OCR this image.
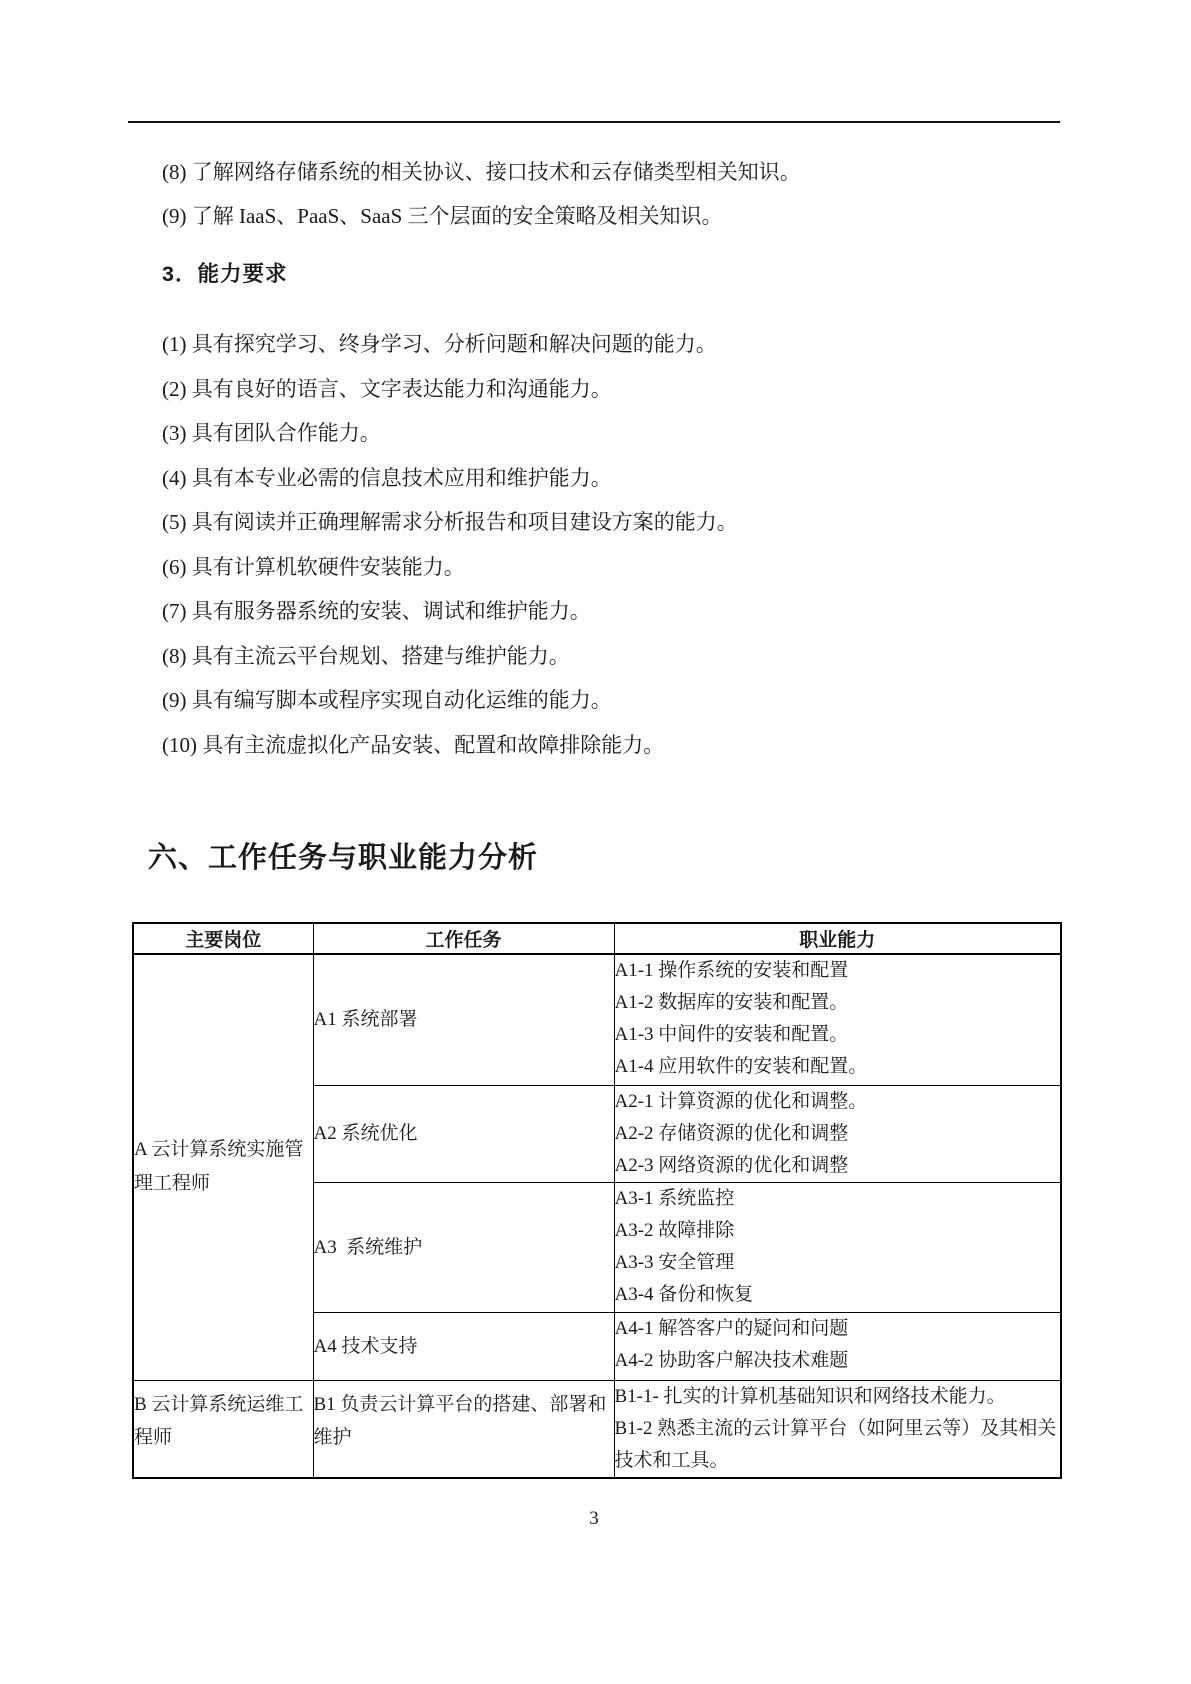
(8) 了解网络存储系统的相关协议、接口技术和云存储类型相关知识。

(9) 了解 IaaS、PaaS、SaaS 三个层面的安全策略及相关知识。

3．能力要求
(1) 具有探究学习、终身学习、分析问题和解决问题的能力。
(2) 具有良好的语言、文字表达能力和沟通能力。
(3) 具有团队合作能力。
(4) 具有本专业必需的信息技术应用和维护能力。
(5) 具有阅读并正确理解需求分析报告和项目建设方案的能力。
(6) 具有计算机软硬件安装能力。
(7) 具有服务器系统的安装、调试和维护能力。
(8) 具有主流云平台规划、搭建与维护能力。
(9) 具有编写脚本或程序实现自动化运维的能力。
(10) 具有主流虚拟化产品安装、配置和故障排除能力。
六、工作任务与职业能力分析
主要岗位	工作任务	职业能力
A 云计算系统实施管理工程师	A1 系统部署	A1-1 操作系统的安装和配置
A1-2 数据库的安装和配置。
A1-3 中间件的安装和配置。
A1-4 应用软件的安装和配置。

	A2 系统优化	A2-1 计算资源的优化和调整。
A2-2 存储资源的优化和调整
A2-3 网络资源的优化和调整

	A3  系统维护	A3-1 系统监控
A3-2 故障排除
A3-3 安全管理
A3-4 备份和恢复

	A4 技术支持	A4-1 解答客户的疑问和问题
A4-2 协助客户解决技术难题

B 云计算系统运维工程师	B1 负责云计算平台的搭建、部署和维护	B1-1- 扎实的计算机基础知识和网络技术能力。
B1-2 熟悉主流的云计算平台（如阿里云等）及其相关技术和工具。
3
